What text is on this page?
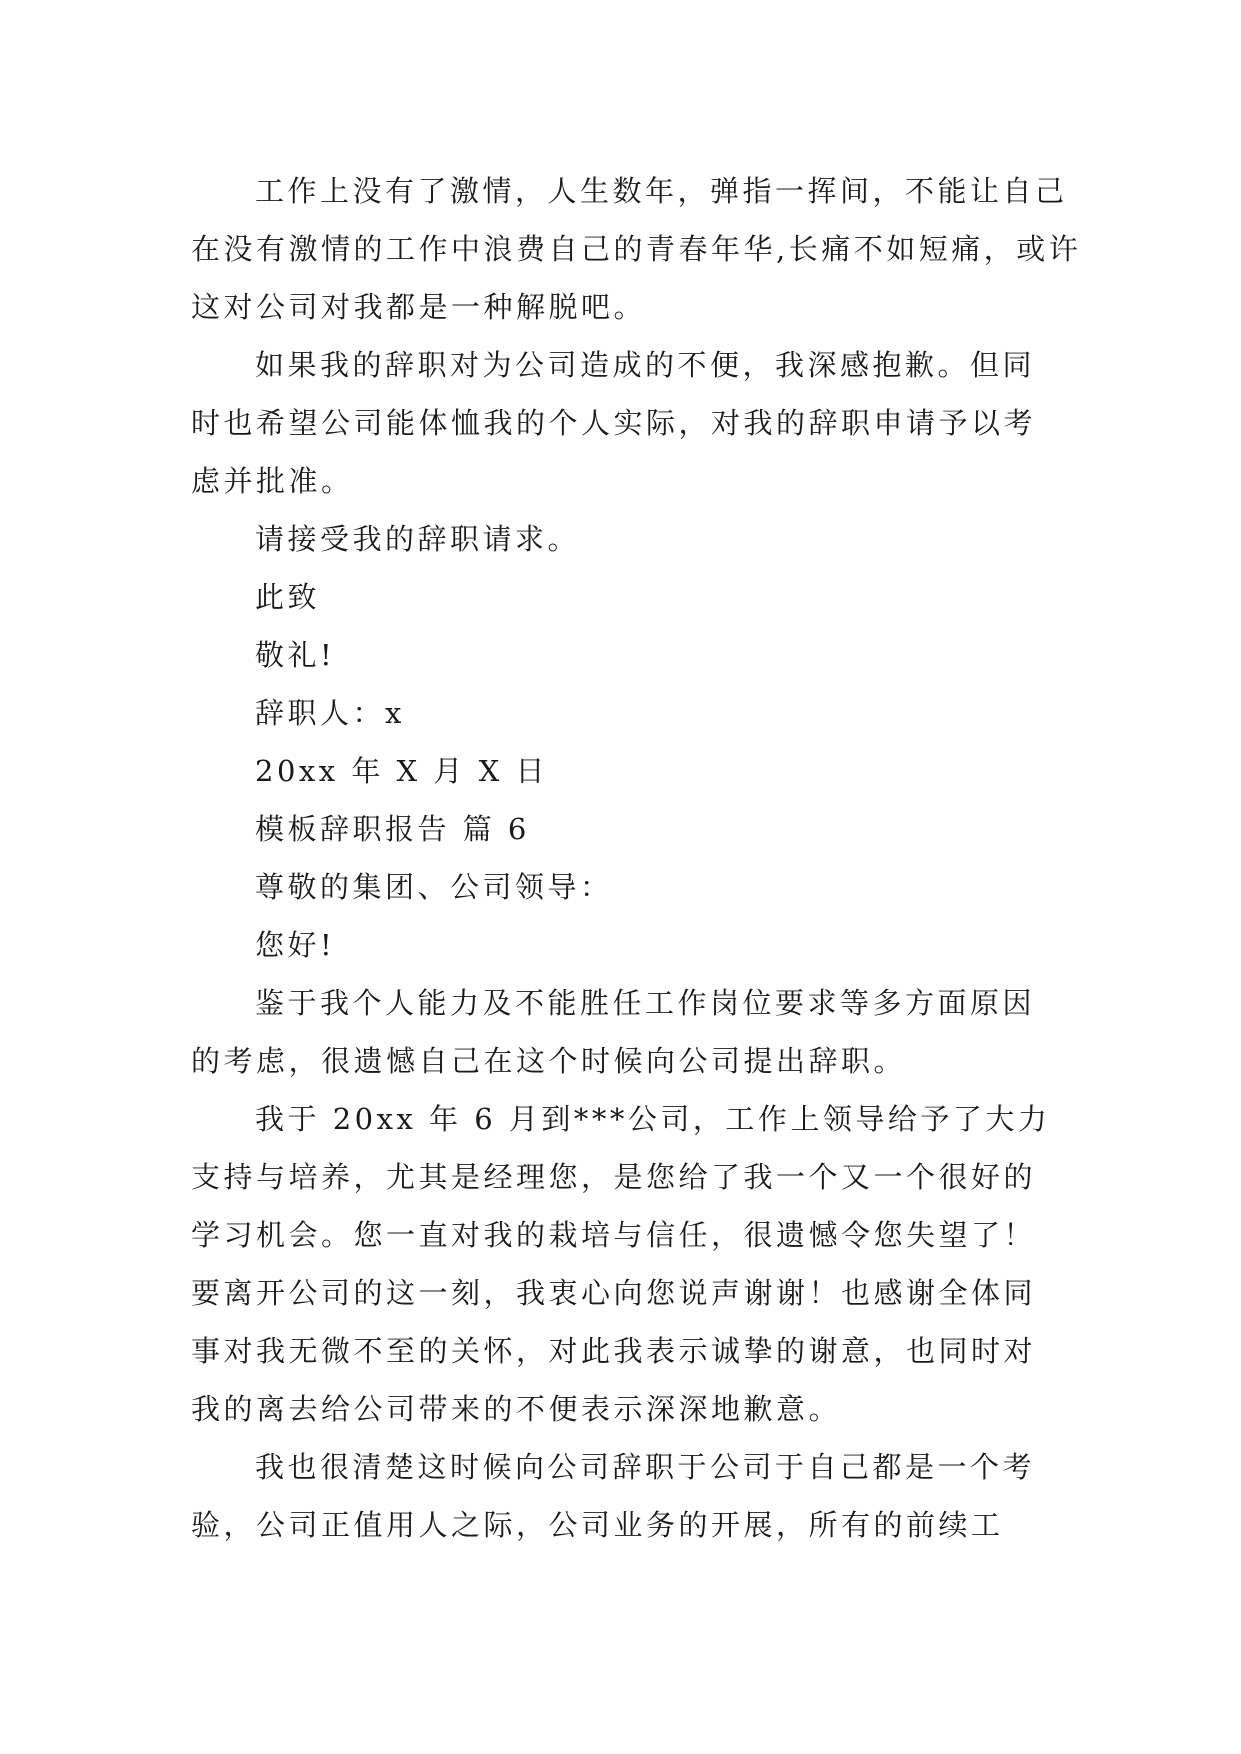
工作上没有了激情，人生数年，弹指一挥间，不能让自己在没有激情的工作中浪费自己的青春年华,长痛不如短痛，或许这对公司对我都是一种解脱吧。

如果我的辞职对为公司造成的不便，我深感抱歉。但同时也希望公司能体恤我的个人实际，对我的辞职申请予以考虑并批准。

请接受我的辞职请求。

此致

敬礼!

辞职人：x

20xx 年 X 月 X 日

模板辞职报告 篇 6

尊敬的集团、公司领导：

您好!

鉴于我个人能力及不能胜任工作岗位要求等多方面原因的考虑，很遗憾自己在这个时候向公司提出辞职。

我于 20xx 年 6 月到***公司，工作上领导给予了大力支持与培养，尤其是经理您，是您给了我一个又一个很好的学习机会。您一直对我的栽培与信任，很遗憾令您失望了！要离开公司的这一刻，我衷心向您说声谢谢！也感谢全体同事对我无微不至的关怀，对此我表示诚挚的谢意，也同时对我的离去给公司带来的不便表示深深地歉意。

我也很清楚这时候向公司辞职于公司于自己都是一个考验，公司正值用人之际，公司业务的开展，所有的前续工
